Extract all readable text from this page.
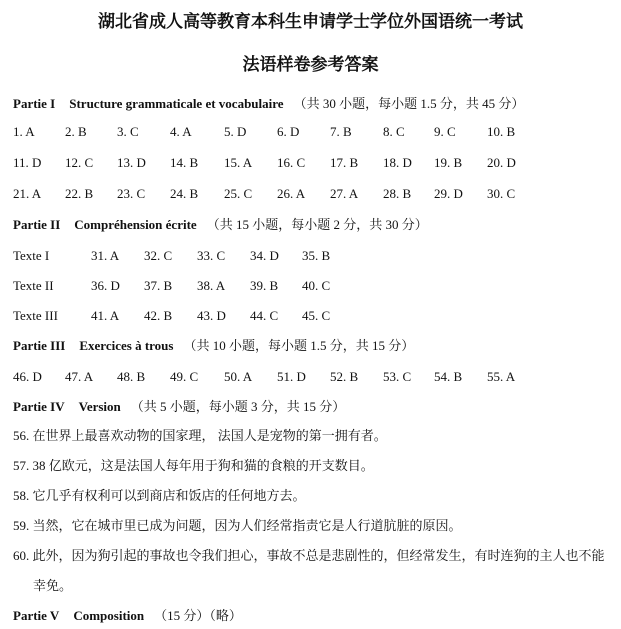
湖北省成人高等教育本科生申请学士学位外国语统一考试
法语样卷参考答案
Partie I Structure grammaticale et vocabulaire （共 30 小题，每小题 1.5 分，共 45 分）
1. A 2. B 3. C 4. A 5. D 6. D 7. B 8. C 9. C 10. B
11. D 12. C 13. D 14. B 15. A 16. C 17. B 18. D 19. B 20. D
21. A 22. B 23. C 24. B 25. C 26. A 27. A 28. B 29. D 30. C
Partie II Compréhension écrite （共 15 小题，每小题 2 分，共 30 分）
Texte I	31. A 32. C 33. C 34. D 35. B
Texte II	36. D 37. B 38. A 39. B 40. C
Texte III	41. A 42. B 43. D 44. C 45. C
Partie III Exercices à trous （共 10 小题，每小题 1.5 分，共 15 分）
46. D 47. A 48. B 49. C 50. A 51. D 52. B 53. C 54. B 55. A
Partie IV Version （共 5 小题，每小题 3 分，共 15 分）
56. 在世界上最喜欢动物的国家理， 法国人是宠物的第一拥有者。
57. 38 亿欧元，这是法国人每年用于狗和猫的食粮的开支数目。
58. 它几乎有权利可以到商店和饭店的任何地方去。
59. 当然，它在城市里已成为问题，因为人们经常指责它是人行道肮脏的原因。
60. 此外，因为狗引起的事故也令我们担心，事故不总是悲剧性的，但经常发生，有时连狗的主人也不能
幸免。
Partie V Composition （15 分）（略）
